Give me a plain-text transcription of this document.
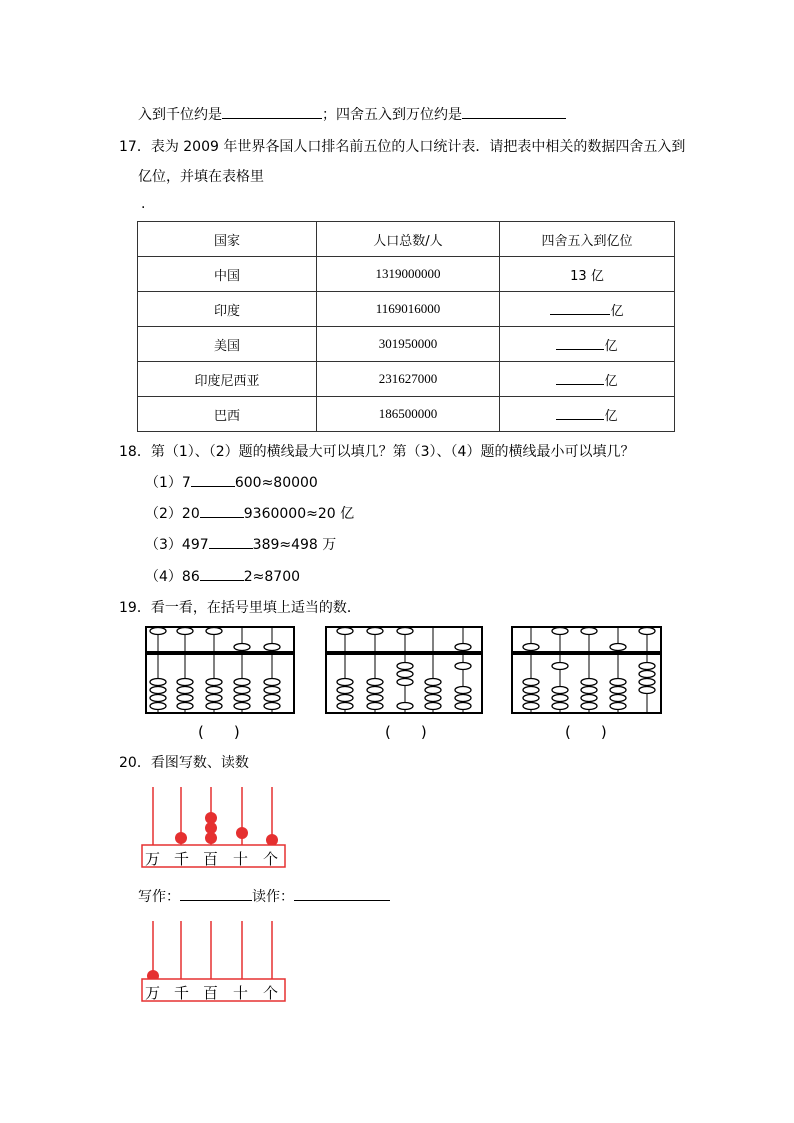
入到千位约是	；四舍五入到万位约是
17．表为 2009 年世界各国人口排名前五位的人口统计表．请把表中相关的数据四舍五入到
亿位，并填在表格里
.
国家	人口总数/人	四舍五入到亿位
中国	1319000000	13 亿
印度	1169016000	亿
美国	301950000	亿
印度尼西亚	231627000	亿
巴西	186500000	亿
18．第（1）、（2）题的横线最大可以填几？第（3）、（4）题的横线最小可以填几？
（1）7	600≈80000
（2）20	9360000≈20 亿
（3）497	389≈498 万
（4）86	2≈8700
19．看一看，在括号里填上适当的数．
(　　)	(　　)	(　　)
20．看图写数、读数
万 千 百 十 个
写作：	读作：
万 千 百 十 个
